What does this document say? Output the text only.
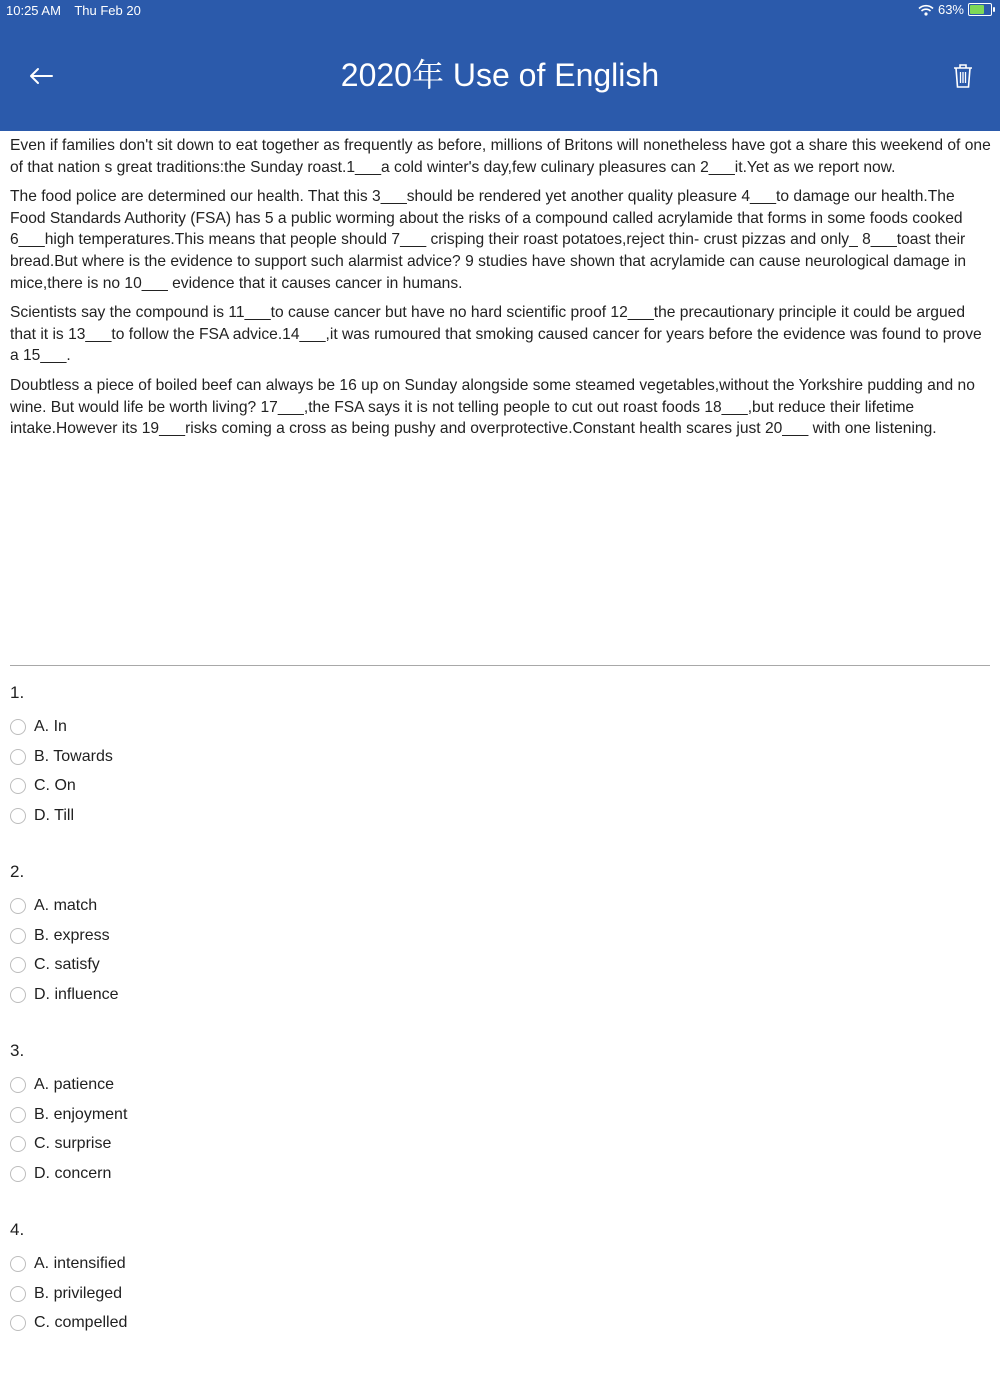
10:25 AM Thu Feb 20	63%
2020年 Use of English

Even if families don't sit down to eat together as frequently as before, millions of Britons will nonetheless have got a share this weekend of one of that nation s great traditions:the Sunday roast.1___a cold winter's day,few culinary pleasures can 2___it.Yet as we report now.

The food police are determined our health. That this 3___should be rendered yet another quality pleasure 4___to damage our health.The Food Standards Authority (FSA) has 5 a public worming about the risks of a compound called acrylamide that forms in some foods cooked 6___high temperatures.This means that people should 7___ crisping their roast potatoes,reject thin- crust pizzas and only_ 8___toast their bread.But where is the evidence to support such alarmist advice? 9 studies have shown that acrylamide can cause neurological damage in mice,there is no 10___ evidence that it causes cancer in humans.

Scientists say the compound is 11___to cause cancer but have no hard scientific proof 12___the precautionary principle it could be argued that it is 13___to follow the FSA advice.14___,it was rumoured that smoking caused cancer for years before the evidence was found to prove a 15___.

Doubtless a piece of boiled beef can always be 16 up on Sunday alongside some steamed vegetables,without the Yorkshire pudding and no wine. But would life be worth living? 17___,the FSA says it is not telling people to cut out roast foods 18___,but reduce their lifetime intake.However its 19___risks coming a cross as being pushy and overprotective.Constant health scares just 20___ with one listening.

1.
A. In
B. Towards
C. On
D. Till
2.
A. match
B. express
C. satisfy
D. influence
3.
A. patience
B. enjoyment
C. surprise
D. concern
4.
A. intensified
B. privileged
C. compelled
